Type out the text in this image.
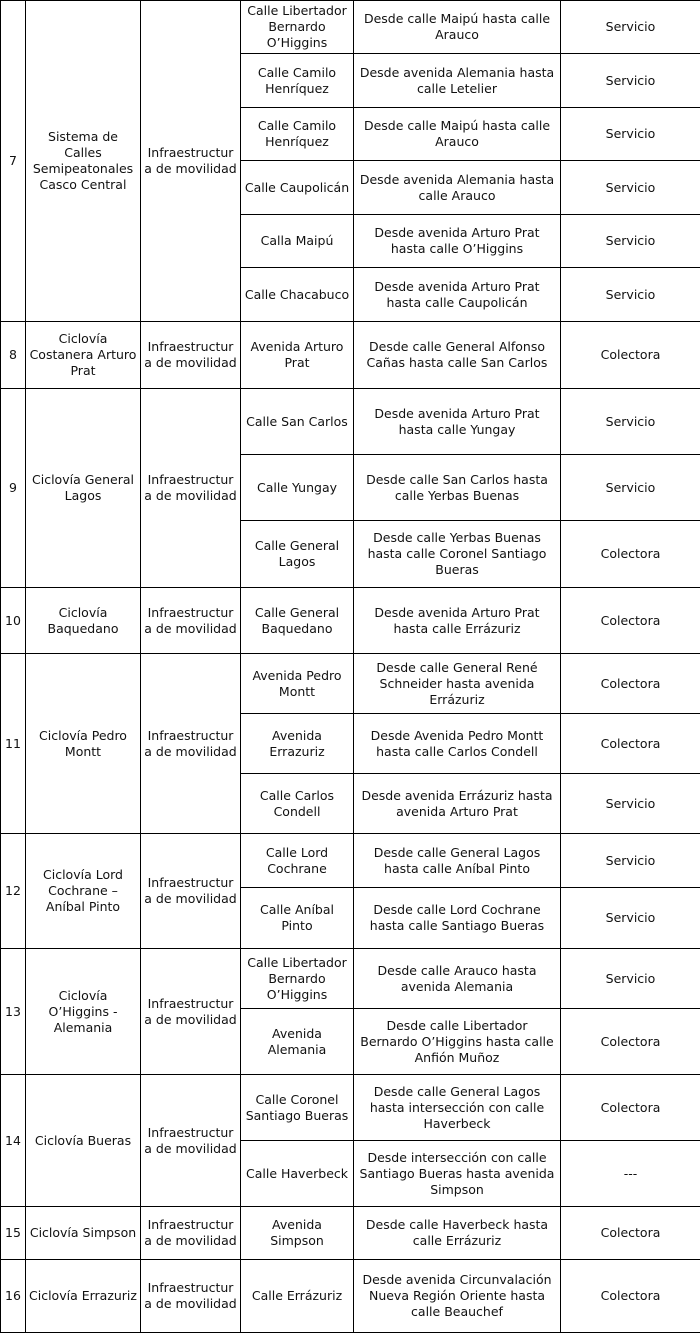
7	Sistema de Calles Semipeatonales Casco Central	Infraestructura de movilidad	Calle Libertador Bernardo O’Higgins	Desde calle Maipú hasta calle Arauco	Servicio
			Calle Camilo Henríquez	Desde avenida Alemania hasta calle Letelier	Servicio
			Calle Camilo Henríquez	Desde calle Maipú hasta calle Arauco	Servicio
			Calle Caupolicán	Desde avenida Alemania hasta calle Arauco	Servicio
			Calla Maipú	Desde avenida Arturo Prat hasta calle O’Higgins	Servicio
			Calle Chacabuco	Desde avenida Arturo Prat hasta calle Caupolicán	Servicio
8	Ciclovía Costanera Arturo Prat	Infraestructura de movilidad	Avenida Arturo Prat	Desde calle General Alfonso Cañas hasta calle San Carlos	Colectora
9	Ciclovía General Lagos	Infraestructura de movilidad	Calle San Carlos	Desde avenida Arturo Prat hasta calle Yungay	Servicio
			Calle Yungay	Desde calle San Carlos hasta calle Yerbas Buenas	Servicio
			Calle General Lagos	Desde calle Yerbas Buenas hasta calle Coronel Santiago Bueras	Colectora
10	Ciclovía Baquedano	Infraestructura de movilidad	Calle General Baquedano	Desde avenida Arturo Prat hasta calle Errázuriz	Colectora
11	Ciclovía Pedro Montt	Infraestructura de movilidad	Avenida Pedro Montt	Desde calle General René Schneider hasta avenida Errázuriz	Colectora
			Avenida Errazuriz	Desde Avenida Pedro Montt hasta calle Carlos Condell	Colectora
			Calle Carlos Condell	Desde avenida Errázuriz hasta avenida Arturo Prat	Servicio
12	Ciclovía Lord Cochrane – Aníbal Pinto	Infraestructura de movilidad	Calle Lord Cochrane	Desde calle General Lagos hasta calle Aníbal Pinto	Servicio
			Calle Aníbal Pinto	Desde calle Lord Cochrane hasta calle Santiago Bueras	Servicio
13	Ciclovía O’Higgins - Alemania	Infraestructura de movilidad	Calle Libertador Bernardo O’Higgins	Desde calle Arauco hasta avenida Alemania	Servicio
			Avenida Alemania	Desde calle Libertador Bernardo O’Higgins hasta calle Anfión Muñoz	Colectora
14	Ciclovía Bueras	Infraestructura de movilidad	Calle Coronel Santiago Bueras	Desde calle General Lagos hasta intersección con calle Haverbeck	Colectora
			Calle Haverbeck	Desde intersección con calle Santiago Bueras hasta avenida Simpson	---
15	Ciclovía Simpson	Infraestructura de movilidad	Avenida Simpson	Desde calle Haverbeck hasta calle Errázuriz	Colectora
16	Ciclovía Errazuriz	Infraestructura de movilidad	Calle Errázuriz	Desde avenida Circunvalación Nueva Región Oriente hasta calle Beauchef	Colectora
